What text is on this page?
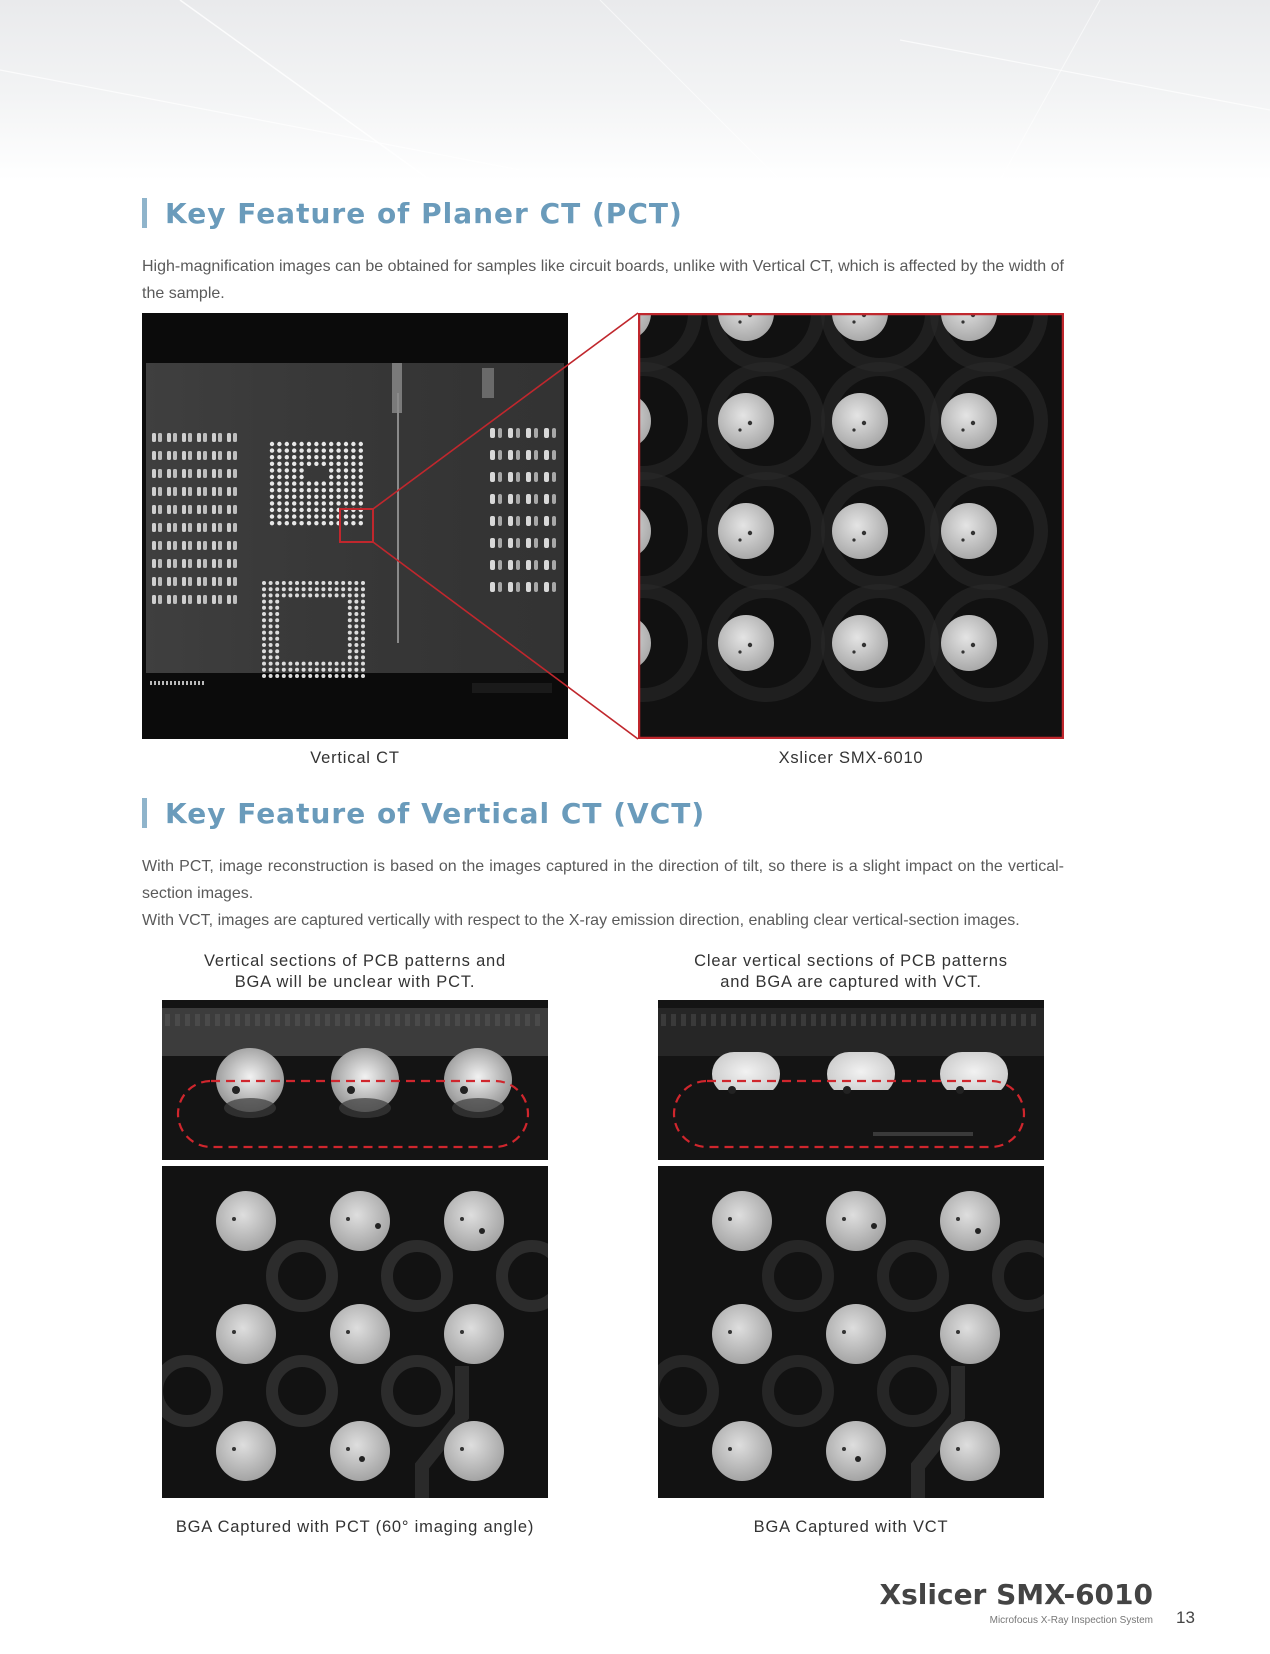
Key Feature of Planer CT (PCT)

High-magnification images can be obtained for samples like circuit boards, unlike with Vertical CT, which is affected by the width of the sample.

Vertical CT	Xslicer SMX-6010

Key Feature of Vertical CT (VCT)

With PCT, image reconstruction is based on the images captured in the direction of tilt, so there is a slight impact on the vertical-section images.

With VCT, images are captured vertically with respect to the X-ray emission direction, enabling clear vertical-section images.

Vertical sections of PCB patterns and
BGA will be unclear with PCT.
Clear vertical sections of PCB patterns
and BGA are captured with VCT.

BGA Captured with PCT (60° imaging angle)	BGA Captured with VCT

Xslicer SMX-6010
Microfocus X-Ray Inspection System 13
